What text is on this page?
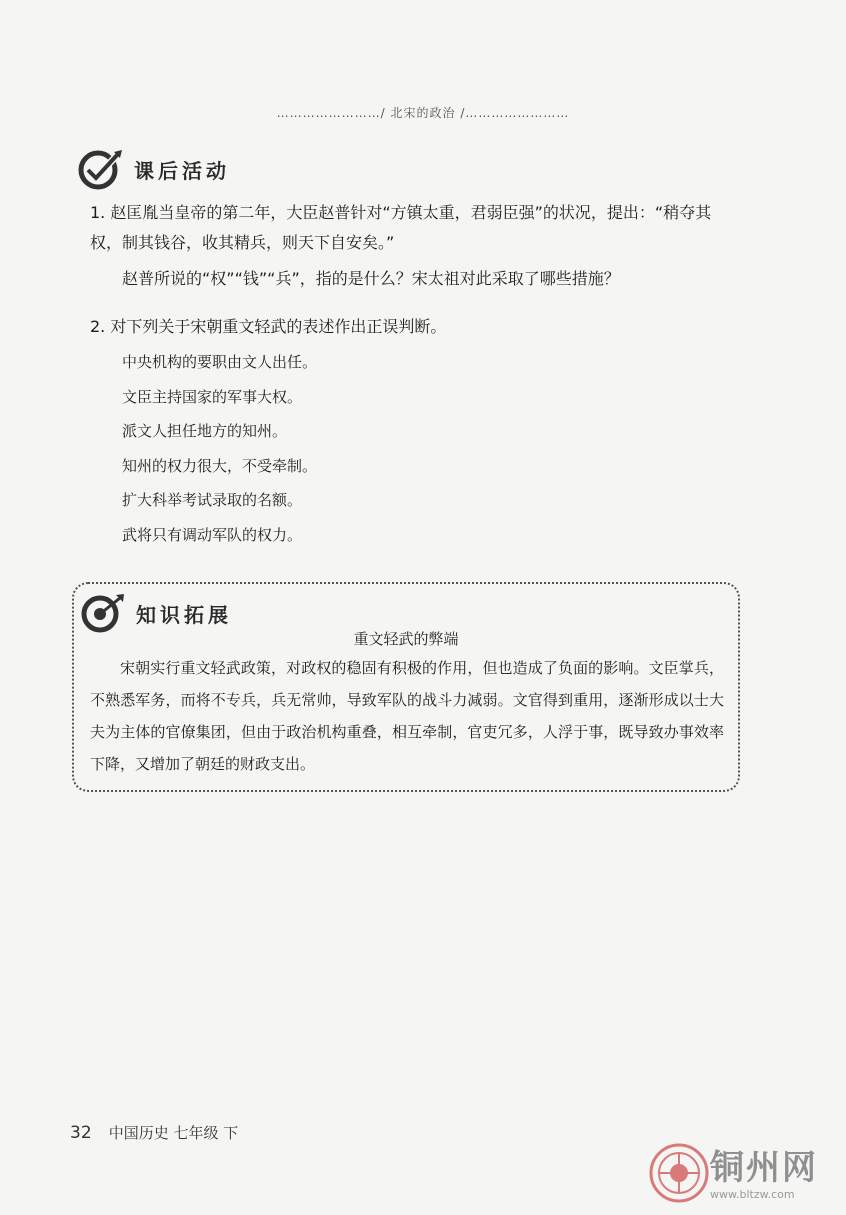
……………………/ 北宋的政治 /……………………
课后活动
1. 赵匡胤当皇帝的第二年，大臣赵普针对“方镇太重，君弱臣强”的状况，提出：“稍夺其权，制其钱谷，收其精兵，则天下自安矣。”
赵普所说的“权”“钱”“兵”，指的是什么？宋太祖对此采取了哪些措施？
2. 对下列关于宋朝重文轻武的表述作出正误判断。
中央机构的要职由文人出任。
文臣主持国家的军事大权。
派文人担任地方的知州。
知州的权力很大，不受牵制。
扩大科举考试录取的名额。
武将只有调动军队的权力。
知识拓展
重文轻武的弊端

宋朝实行重文轻武政策，对政权的稳固有积极的作用，但也造成了负面的影响。文臣掌兵，不熟悉军务，而将不专兵，兵无常帅，导致军队的战斗力减弱。文官得到重用，逐渐形成以士大夫为主体的官僚集团，但由于政治机构重叠，相互牵制，官吏冗多，人浮于事，既导致办事效率下降，又增加了朝廷的财政支出。

32 中国历史 七年级 下
铜州网
www.bltzw.com
